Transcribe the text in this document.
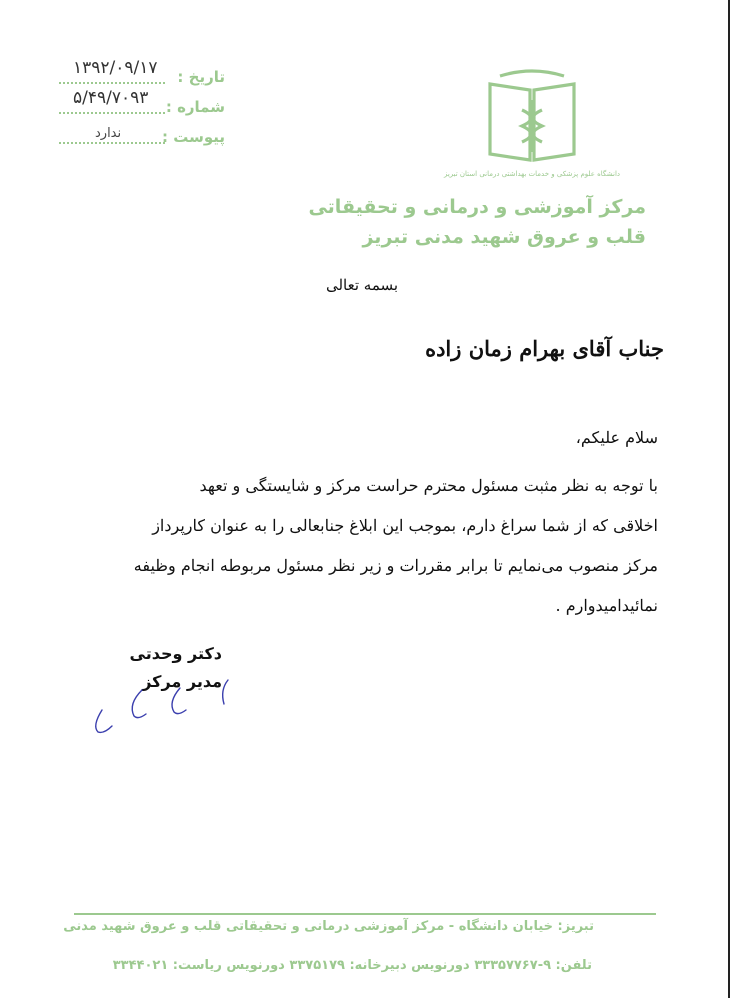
تاریخ :
۱۳۹۲/۰۹/۱۷
شماره :
۵/۴۹/۷۰۹۳
پیوست :
ندارد
دانشگاه علوم پزشکی و خدمات بهداشتی درمانی استان تبریز
مرکز آموزشی و درمانی و تحقیقاتی
قلب و عروق شهید مدنی تبریز
بسمه تعالی
جناب آقای بهرام زمان زاده
سلام علیکم،

با توجه به نظر مثبت مسئول محترم حراست مرکز و شایستگی و تعهد

اخلاقی که از شما سراغ دارم، بموجب این ابلاغ جنابعالی را به عنوان کارپرداز

مرکز منصوب می‌نمایم تا برابر مقررات و زیر نظر مسئول مربوطه انجام وظیفه

نمائیدامیدوارم .

دکتر وحدتی
مدیر مرکز
تبریز: خیابان دانشگاه - مرکز آموزشی درمانی و تحقیقاتی قلب و عروق شهید مدنی
تلفن: ۹-۳۳۳۵۷۷۶۷ دورنویس دبیرخانه: ۳۳۷۵۱۷۹ دورنویس ریاست: ۳۳۴۴۰۲۱
